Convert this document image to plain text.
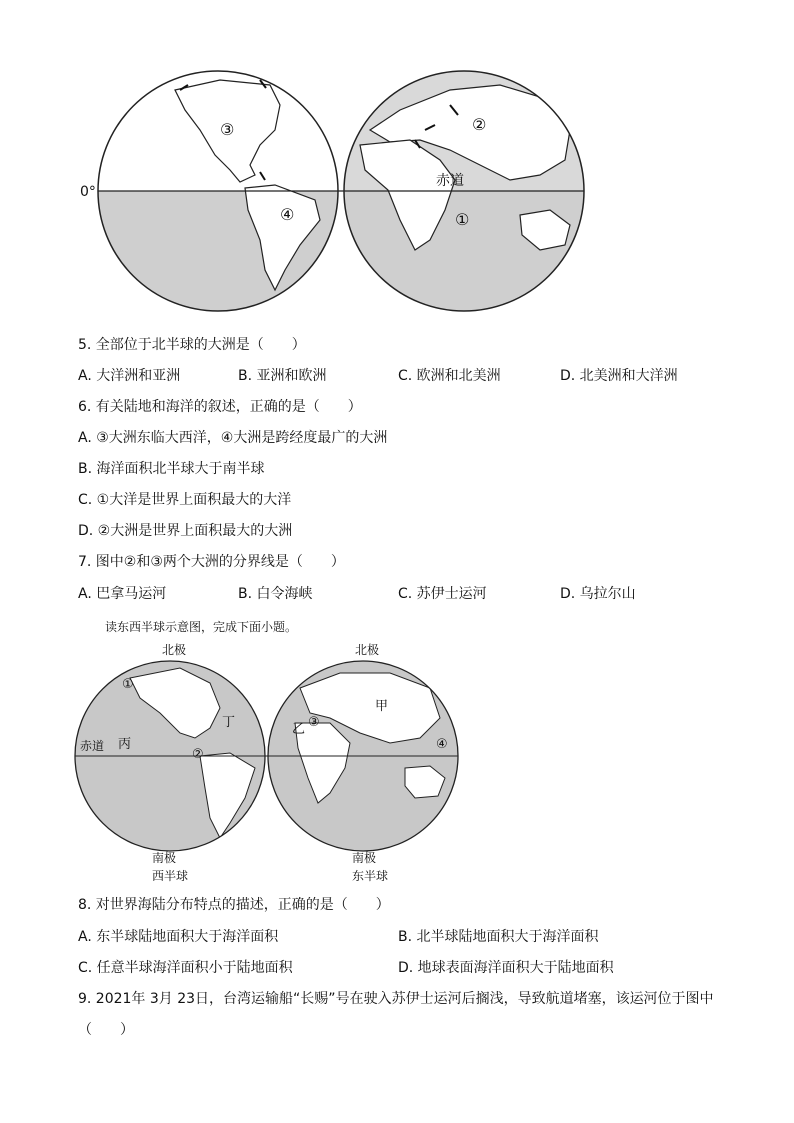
0°
赤道
①
②
③
④
5. 全部位于北半球的大洲是（　　）
A. 大洋洲和亚洲	B. 亚洲和欧洲	C. 欧洲和北美洲	D. 北美洲和大洋洲
6. 有关陆地和海洋的叙述，正确的是（　　）
A. ③大洲东临大西洋，④大洲是跨经度最广的大洲
B. 海洋面积北半球大于南半球
C. ①大洋是世界上面积最大的大洋
D. ②大洲是世界上面积最大的大洲
7. 图中②和③两个大洲的分界线是（　　）
A. 巴拿马运河	B. 白令海峡	C. 苏伊士运河	D. 乌拉尔山
读东西半球示意图，完成下面小题。
北极	北极
赤道
①
②
③
④
甲
乙
丙
丁
南极
西半球
南极
东半球
8. 对世界海陆分布特点的描述，正确的是（　　）
A. 东半球陆地面积大于海洋面积	B. 北半球陆地面积大于海洋面积
C. 任意半球海洋面积小于陆地面积	D. 地球表面海洋面积大于陆地面积
9. 2021年 3月 23日，台湾运输船“长赐”号在驶入苏伊士运河后搁浅，导致航道堵塞，该运河位于图中
（　　）
